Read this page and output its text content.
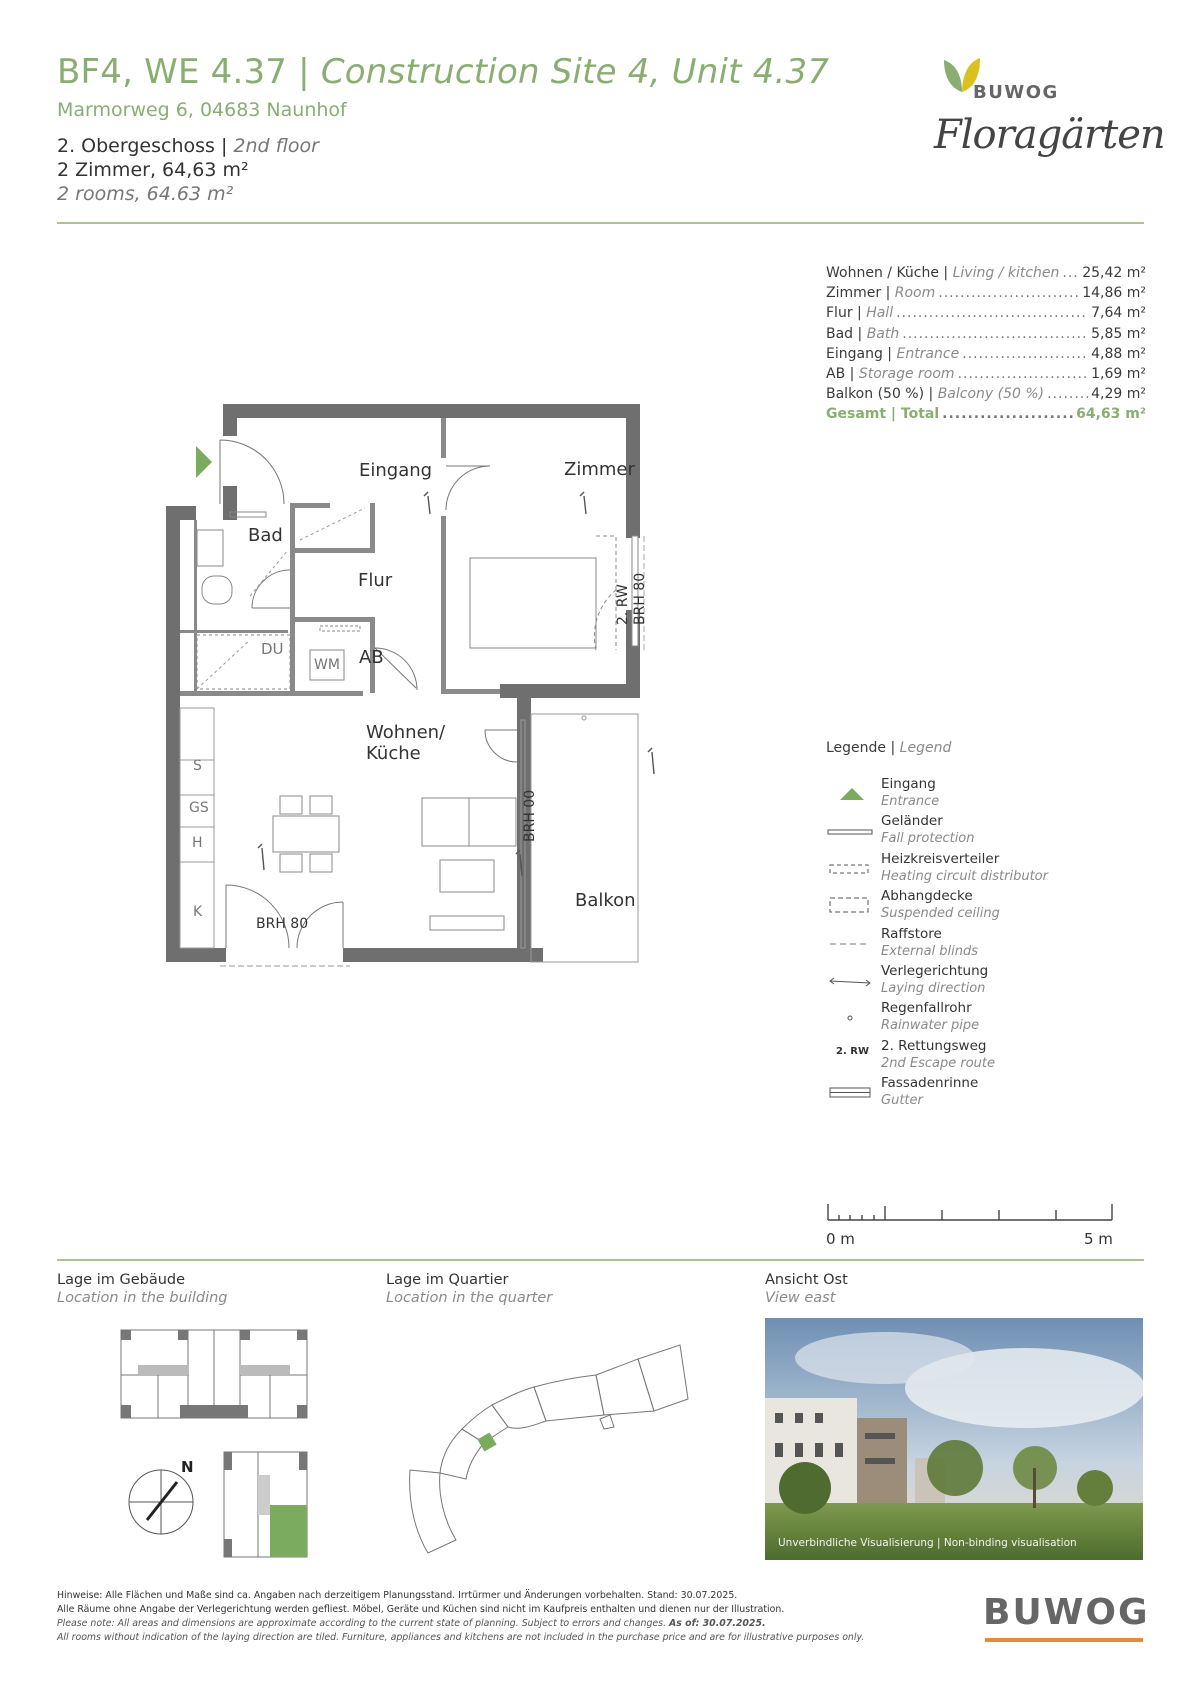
BF4, WE 4.37 | Construction Site 4, Unit 4.37
Marmorweg 6, 04683 Naunhof
2. Obergeschoss | 2nd floor
2 Zimmer, 64,63 m²
2 rooms, 64.63 m²
BUWOG
Floragärten
Wohnen / Küche | Living / kitchen ..... 25,42 m²
Zimmer | Room .....	14,86 m²
Flur | Hall .....	7,64 m²
Bad | Bath .....	5,85 m²
Eingang | Entrance .....	4,88 m²
AB | Storage room .....	1,69 m²
Balkon (50 %) | Balcony (50 %) .....	4,29 m²
Gesamt | Total .....	64,63 m²
Eingang	Zimmer
Bad
Flur
DU
WM AB
Wohnen/
Küche
Balkon
S
GS
H
K
BRH 80
BRH 00
2. RW BRH 80
Legende | Legend
Eingang
Entrance
Geländer
Fall protection
Heizkreisverteiler
Heating circuit distributor
Abhangdecke
Suspended ceiling
Raffstore
External blinds
Verlegerichtung
Laying direction
Regenfallrohr
Rainwater pipe
2. RW 2. Rettungsweg
2nd Escape route
Fassadenrinne
Gutter
0 m	5 m
Lage im Gebäude
Location in the building
Lage im Quartier
Location in the quarter
Ansicht Ost
View east
N
Unverbindliche Visualisierung | Non-binding visualisation
Hinweise: Alle Flächen und Maße sind ca. Angaben nach derzeitigem Planungsstand. Irrtürmer und Änderungen vorbehalten. Stand: 30.07.2025.
Alle Räume ohne Angabe der Verlegerichtung werden gefliest. Möbel, Geräte und Küchen sind nicht im Kaufpreis enthalten und dienen nur der Illustration.
Please note: All areas and dimensions are approximate according to the current state of planning. Subject to errors and changes. As of: 30.07.2025.
All rooms without indication of the laying direction are tiled. Furniture, appliances and kitchens are not included in the purchase price and are for illustrative purposes only.
BUWOG
